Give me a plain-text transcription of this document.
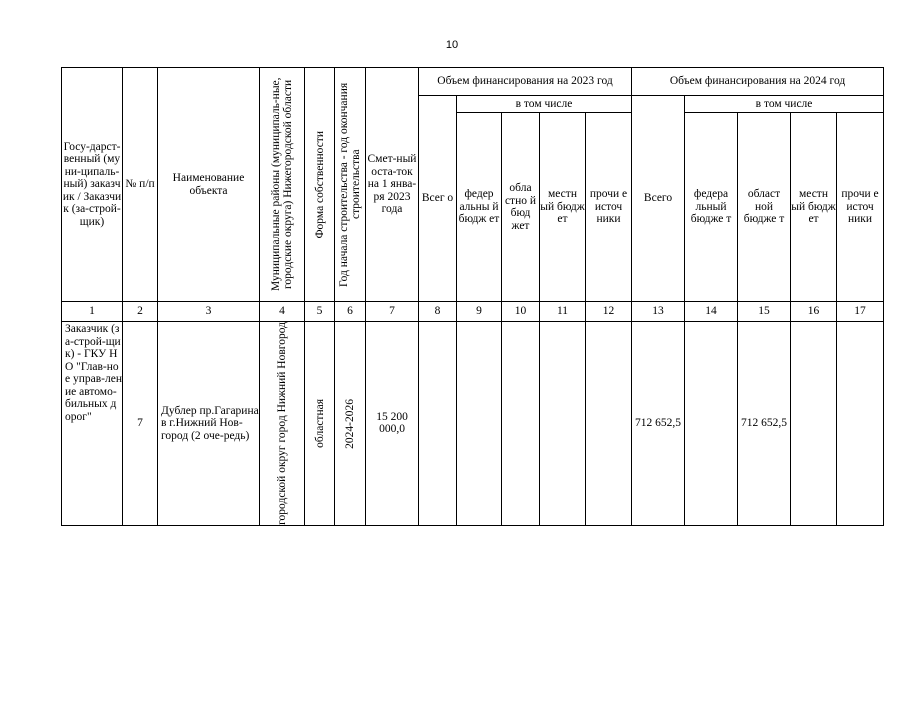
10
Госу-дарст-венный (муни-ципаль-ный) заказчик / Заказчик (за-строй-щик)	№ п/п	Наименование объекта	Муниципальные районы (муниципаль-ные, городские округа) Нижегородской области	Форма собственности	Год начала строительства - год окончания строительства	Смет-ный оста-ток на 1 янва-ря 2023 года	Объем финансирования на 2023 год					Объем финансирования на 2024 год				
							Всег о	в том числе				Всего	в том числе			
								федер альны й бюдж ет	обла стно й бюд жет	местн ый бюдж ет	прочи е источ ники		федера льный бюдже т	област ной бюдже т	местн ый бюдж ет	прочи е источ ники
1	2	3	4	5	6	7	8	9	10	11	12	13	14	15	16	17
Заказчик (за-строй-щик) - ГКУ НО "Глав-ное управ-ление автомо-бильных дорог"	7	Дублер пр.Гагарина в г.Нижний Нов-город (2 оче-редь)	городской округ город Нижний Новгород	областная	2024-2026	15 200 000,0						712 652,5		712 652,5		
